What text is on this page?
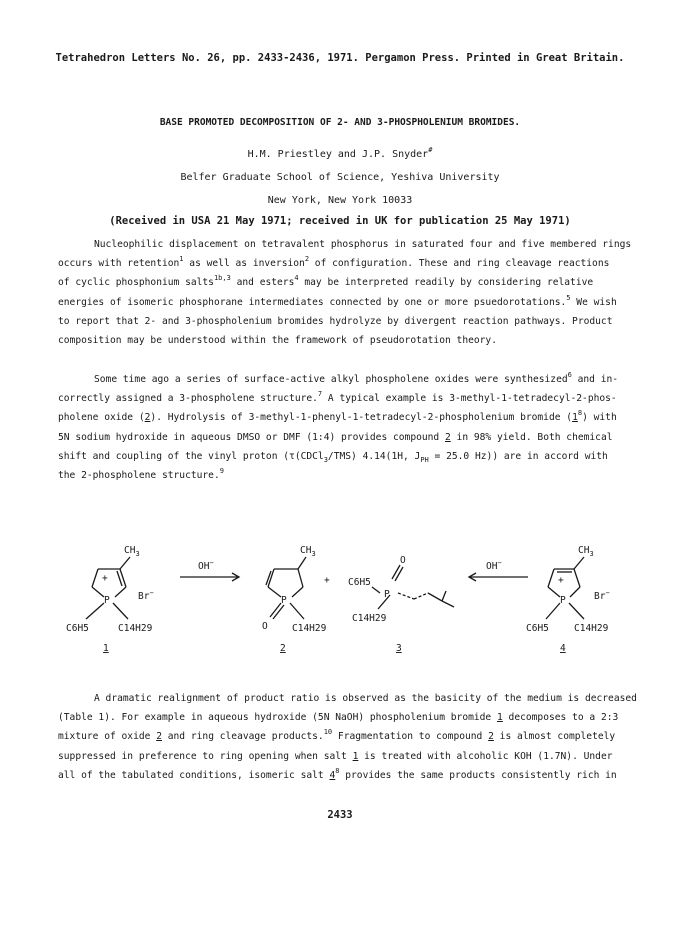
Tetrahedron Letters No. 26, pp. 2433-2436, 1971. Pergamon Press. Printed in Great Britain.
BASE PROMOTED DECOMPOSITION OF 2- AND 3-PHOSPHOLENIUM BROMIDES.
H.M. Priestley and J.P. Snyder#
Belfer Graduate School of Science, Yeshiva University
New York, New York 10033
(Received in USA 21 May 1971; received in UK for publication 25 May 1971)
Nucleophilic displacement on tetravalent phosphorus in saturated four and five membered rings
occurs with retention$^1$ as well as inversion$^2$ of configuration. These and ring cleavage reactions
of cyclic phosphonium salts$^{1b,3}$ and esters$^4$ may be interpreted readily by considering relative
energies of isomeric phosphorane intermediates connected by one or more psuedorotations.$^5$ We wish
to report that 2- and 3-phospholenium bromides hydrolyze by divergent reaction pathways. Product
composition may be understood within the framework of pseudorotation theory.
Some time ago a series of surface-active alkyl phospholene oxides were synthesized$^6$ and in-
correctly assigned a 3-phospholene structure.$^7$ A typical example is 3-methyl-1-tetradecyl-2-phos-
pholene oxide (2). Hydrolysis of 3-methyl-1-phenyl-1-tetradecyl-2-phospholenium bromide $(1^8)$ with
5N sodium hydroxide in aqueous DMSO or DMF (1:4) provides compound 2 in 98% yield. Both chemical
shift and coupling of the vinyl proton (τ(CDCl$_3$/TMS) 4.14(1H, $J_{PH} = 25.0$ Hz)) are in accord with
the 2-phospholene structure.$^9$
$CH_3$
+
P	Br−
C6H5	C14H29
1
OH−
$CH_3$
P
O	C14H29
2
+ C6H5
O
P
C14H29
3
OH−
$CH_3$
+
P	Br−
C6H5	C14H29
4
A dramatic realignment of product ratio is observed as the basicity of the medium is decreased
(Table 1). For example in aqueous hydroxide (5N NaOH) phospholenium bromide 1 decomposes to a 2:3
mixture of oxide 2 and ring cleavage products.$^{10}$ Fragmentation to compound 2 is almost completely
suppressed in preference to ring opening when salt 1 is treated with alcoholic KOH (1.7N). Under
all of the tabulated conditions, isomeric salt $4^8$ provides the same products consistently rich in
2433
